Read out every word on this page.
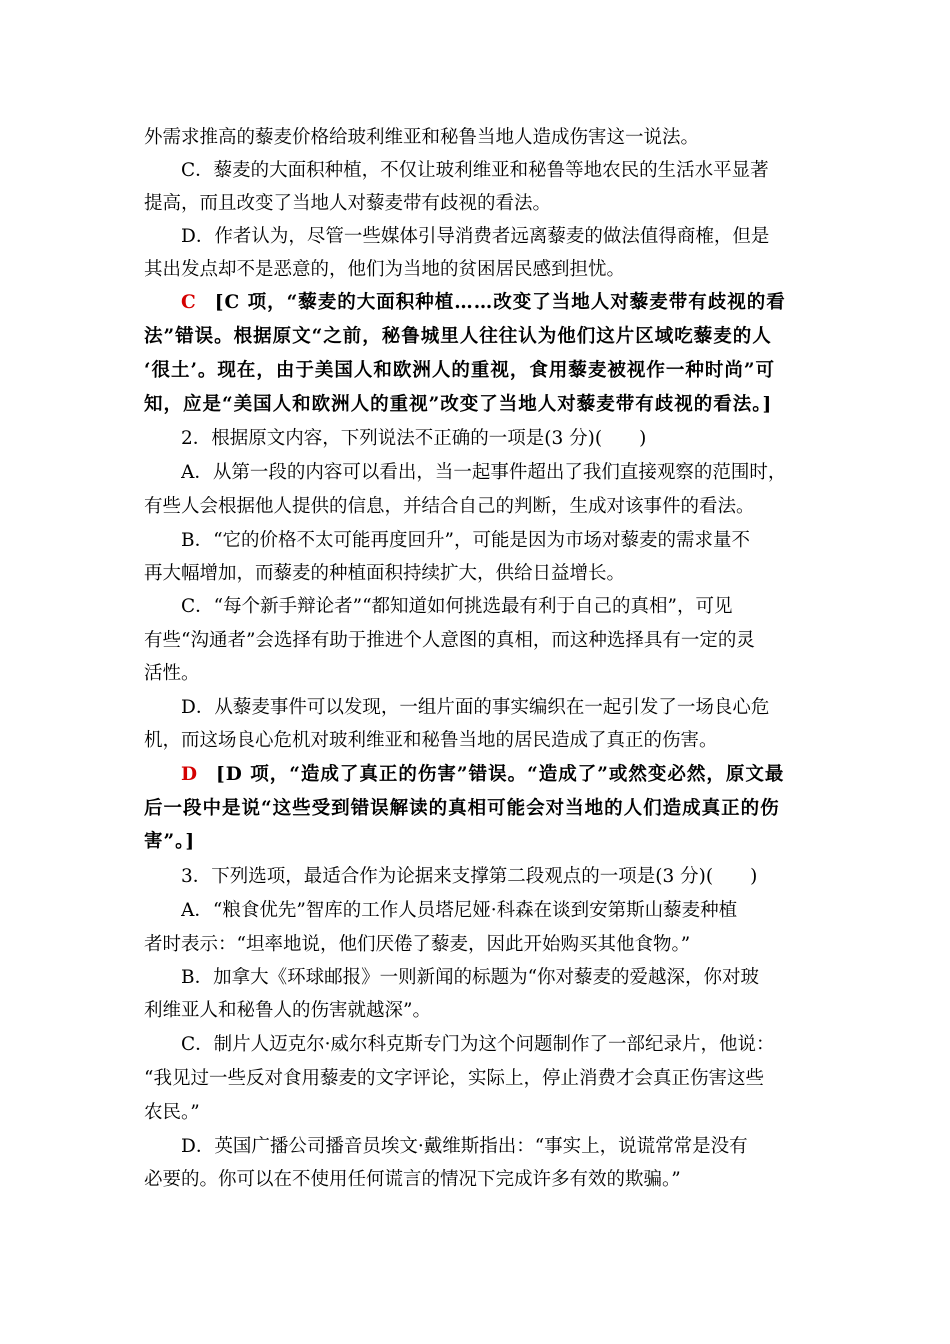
外需求推高的藜麦价格给玻利维亚和秘鲁当地人造成伤害这一说法。
C．藜麦的大面积种植，不仅让玻利维亚和秘鲁等地农民的生活水平显著
提高，而且改变了当地人对藜麦带有歧视的看法。
D．作者认为，尽管一些媒体引导消费者远离藜麦的做法值得商榷，但是
其出发点却不是恶意的，他们为当地的贫困居民感到担忧。
C [C 项，“藜麦的大面积种植……改变了当地人对藜麦带有歧视的看
法”错误。根据原文“之前，秘鲁城里人往往认为他们这片区域吃藜麦的人
‘很土’。现在，由于美国人和欧洲人的重视，食用藜麦被视作一种时尚”可
知，应是“美国人和欧洲人的重视”改变了当地人对藜麦带有歧视的看法。]
2．根据原文内容，下列说法不正确的一项是(3 分)(　　)
A．从第一段的内容可以看出，当一起事件超出了我们直接观察的范围时，
有些人会根据他人提供的信息，并结合自己的判断，生成对该事件的看法。
B．“它的价格不太可能再度回升”，可能是因为市场对藜麦的需求量不
再大幅增加，而藜麦的种植面积持续扩大，供给日益增长。
C．“每个新手辩论者”“都知道如何挑选最有利于自己的真相”，可见
有些“沟通者”会选择有助于推进个人意图的真相，而这种选择具有一定的灵
活性。
D．从藜麦事件可以发现，一组片面的事实编织在一起引发了一场良心危
机，而这场良心危机对玻利维亚和秘鲁当地的居民造成了真正的伤害。
D [D 项，“造成了真正的伤害”错误。“造成了”或然变必然，原文最
后一段中是说“这些受到错误解读的真相可能会对当地的人们造成真正的伤
害”。]
3．下列选项，最适合作为论据来支撑第二段观点的一项是(3 分)(　　)
A．“粮食优先”智库的工作人员塔尼娅·科森在谈到安第斯山藜麦种植
者时表示：“坦率地说，他们厌倦了藜麦，因此开始购买其他食物。”
B．加拿大《环球邮报》一则新闻的标题为“你对藜麦的爱越深，你对玻
利维亚人和秘鲁人的伤害就越深”。
C．制片人迈克尔·威尔科克斯专门为这个问题制作了一部纪录片，他说：
“我见过一些反对食用藜麦的文字评论，实际上，停止消费才会真正伤害这些
农民。”
D．英国广播公司播音员埃文·戴维斯指出：“事实上，说谎常常是没有
必要的。你可以在不使用任何谎言的情况下完成许多有效的欺骗。”
